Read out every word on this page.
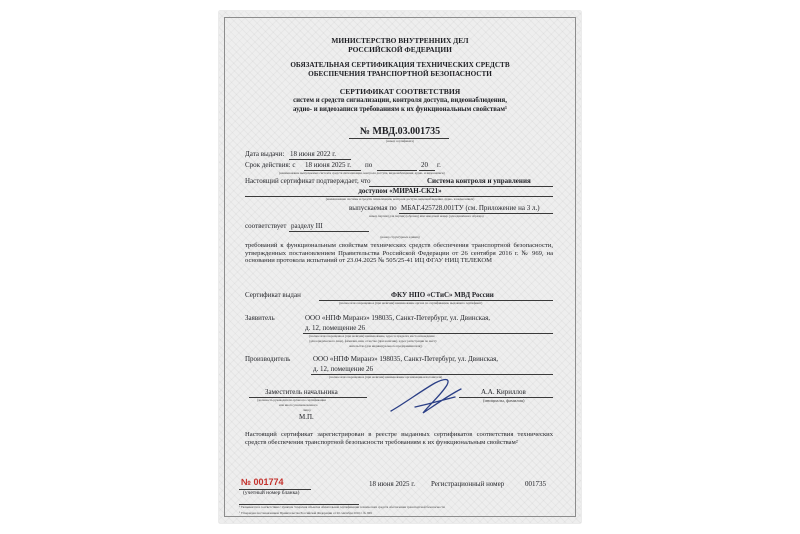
МИНИСТЕРСТВО ВНУТРЕННИХ ДЕЛ
РОССИЙСКОЙ ФЕДЕРАЦИИ
ОБЯЗАТЕЛЬНАЯ СЕРТИФИКАЦИЯ ТЕХНИЧЕСКИХ СРЕДСТВ
ОБЕСПЕЧЕНИЯ ТРАНСПОРТНОЙ БЕЗОПАСНОСТИ
СЕРТИФИКАТ СООТВЕТСТВИЯ
систем и средств сигнализации, контроля доступа, видеонаблюдения,
аудио- и видеозаписи требованиям к их функциональным свойствам¹
№ МВД.03.001735
(номер сертификата)
Дата выдачи: 18 июня 2022 г.
Срок действия: с 18 июня 2025 г. по	20 г.
(наименование выпускаемых систем и средств сигнализации, контроля доступа, видеонаблюдения, аудио- и видеозаписи)
Настоящий сертификат подтверждает, что	Система контроля и управления
доступом «МИРАН-СК21»
(наименование системы и средств сигнализации, контроля доступа, видеонаблюдения, аудио- и видеозаписи)
выпускаемая по МБАГ.425728.001ТУ (см. Приложение на 3 л.)
номер партии (для партии) (образец) или заводской номер (для единичного образца)
соответствует разделу III
(номер структурных единиц)
требований к функциональным свойствам технических средств обеспечения транспортной безопасности, утвержденных постановлением Правительства Российской Федерации от 26 сентября 2016 г. № 969, на основании протокола испытаний от 23.04.2025 № 505/25-41 ИЦ ФГАУ НИЦ ТЕЛЕКОМ
Сертификат выдан	ФКУ НПО «СТиС» МВД России
(полное или сокращенное (при наличии) наименование органа по сертификации, выдавшего сертификат)
Заявитель	ООО «НПФ Миранэ» 198035, Санкт-Петербург, ул. Двинская,
д. 12, помещение 26
(полное или сокращенное (при наличии) наименование, адрес в пределах места нахождения
(для юридического лица), фамилия, имя, отчество (при наличии), адрес регистрации по месту
жительства (для индивидуального предпринимателя))
Производитель	ООО «НПФ Миранэ» 198035, Санкт-Петербург, ул. Двинская,
д. 12, помещение 26
(полное или сокращенное (при наличии) наименование организации-изготовителя)
Заместитель начальника
(должность руководителя органа по сертификации
или иного уполномоченного
лица)
М.П.
А.А. Кириллов
(инициалы, фамилия)
Настоящий сертификат зарегистрирован в реестре выданных сертификатов соответствия технических средств обеспечения транспортной безопасности требованиям к их функциональным свойствам²
18 июня 2025 г. Регистрационный номер	001735
№ 001774
(учетный номер бланка)
¹ Указывается в соответствии с пунктом 3 перечня объектов обязательной сертификации технических средств обеспечения транспортной безопасности
² Утвержден постановлением Правительства Российской Федерации от 26 сентября 2016 г. № 969
